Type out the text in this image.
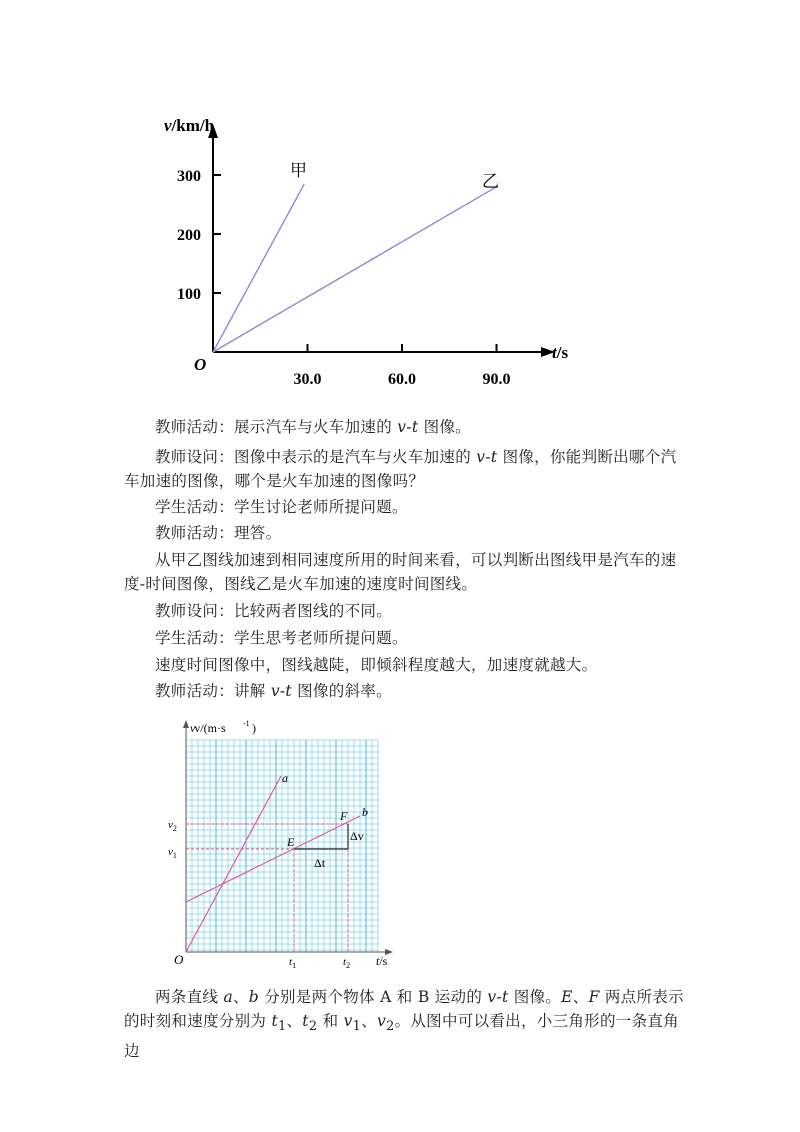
100
200
300
30.0	60.0	90.0
v/km/h
t/s
O
甲
乙
教师活动：展示汽车与火车加速的 v-t 图像。
教师设问：图像中表示的是汽车与火车加速的 v-t 图像，你能判断出哪个汽车加速的图像，哪个是火车加速的图像吗？
学生活动：学生讨论老师所提问题。
教师活动：理答。
从甲乙图线加速到相同速度所用的时间来看，可以判断出图线甲是汽车的速度-时间图像，图线乙是火车加速的速度时间图线。
教师设问：比较两者图线的不同。
学生活动：学生思考老师所提问题。
速度时间图像中，图线越陡，即倾斜程度越大，加速度就越大。
教师活动：讲解 v-t 图像的斜率。
vv/(m·s -1 )
t/s
O
a
b
E
F
Δt
Δv
$v_2$
$v_1$
$t_1$	$t_2$
两条直线 a、b 分别是两个物体 A 和 B 运动的 v-t 图像。E、F 两点所表示的时刻和速度分别为 $t_1$、$t_2$ 和 $v_1$、$v_2$。从图中可以看出，小三角形的一条直角边
